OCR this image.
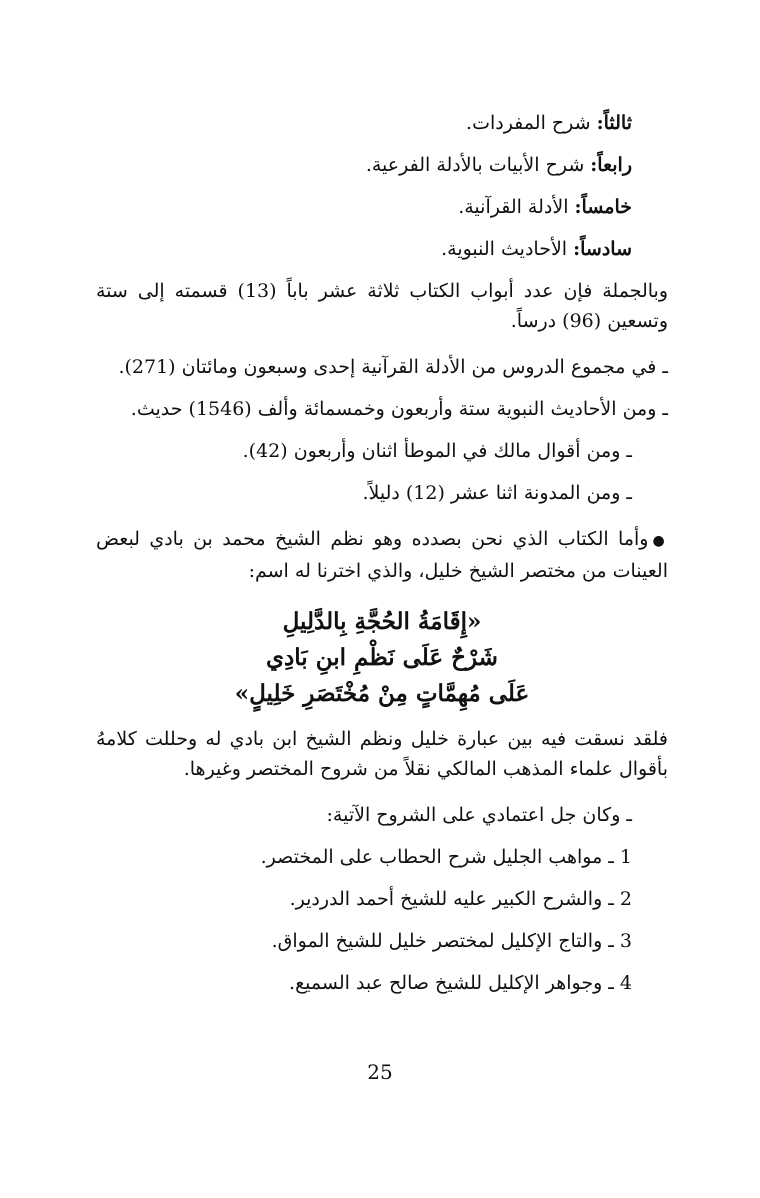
ثالثاً: شرح المفردات.

رابعاً: شرح الأبيات بالأدلة الفرعية.

خامساً: الأدلة القرآنية.

سادساً: الأحاديث النبوية.

وبالجملة فإن عدد أبواب الكتاب ثلاثة عشر باباً (13) قسمته إلى ستة وتسعين (96) درساً.

ـ في مجموع الدروس من الأدلة القرآنية إحدى وسبعون ومائتان (271).

ـ ومن الأحاديث النبوية ستة وأربعون وخمسمائة وألف (1546) حديث.

ـ ومن أقوال مالك في الموطأ اثنان وأربعون (42).

ـ ومن المدونة اثنا عشر (12) دليلاً.

●وأما الكتاب الذي نحن بصدده وهو نظم الشيخ محمد بن بادي لبعض العينات من مختصر الشيخ خليل، والذي اخترنا له اسم:

«إِقَامَةُ الحُجَّةِ بِالدَّلِيلِ

شَرْحٌ عَلَى نَظْمِ ابنِ بَادِي

عَلَى مُهِمَّاتٍ مِنْ مُخْتَصَرِ خَلِيلٍ»

فلقد نسقت فيه بين عبارة خليل ونظم الشيخ ابن بادي له وحللت كلامهُ بأقوال علماء المذهب المالكي نقلاً من شروح المختصر وغيرها.

ـ وكان جل اعتمادي على الشروح الآتية:

1 ـ مواهب الجليل شرح الحطاب على المختصر.

2 ـ والشرح الكبير عليه للشيخ أحمد الدردير.

3 ـ والتاج الإكليل لمختصر خليل للشيخ المواق.

4 ـ وجواهر الإكليل للشيخ صالح عبد السميع.

25
